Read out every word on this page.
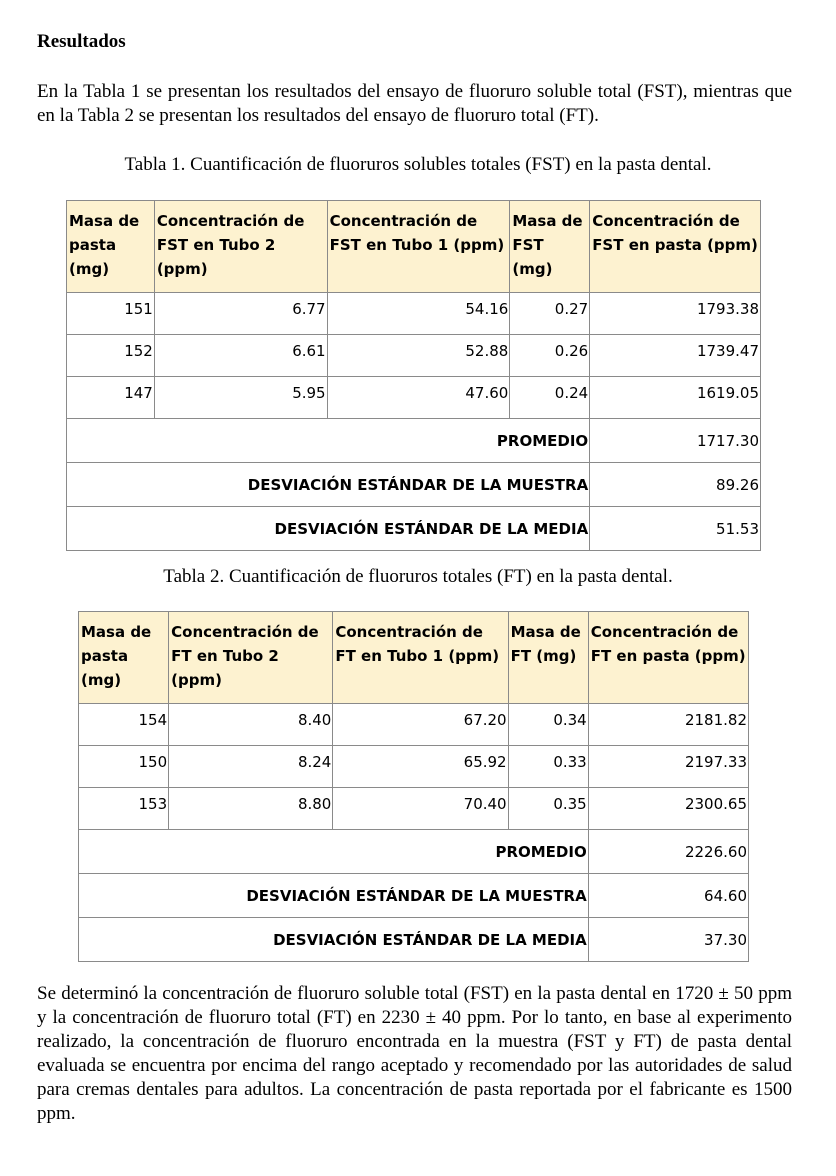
Resultados
En la Tabla 1 se presentan los resultados del ensayo de fluoruro soluble total (FST), mientras que en la Tabla 2 se presentan los resultados del ensayo de fluoruro total (FT).
Tabla 1. Cuantificación de fluoruros solubles totales (FST) en la pasta dental.
Masa de pasta (mg)	Concentración de FST en Tubo 2 (ppm)	Concentración de FST en Tubo 1 (ppm)	Masa de FST (mg)	Concentración de FST en pasta (ppm)
151	6.77	54.16	0.27	1793.38
152	6.61	52.88	0.26	1739.47
147	5.95	47.60	0.24	1619.05
PROMEDIO				1717.30
DESVIACIÓN ESTÁNDAR DE LA MUESTRA				89.26
DESVIACIÓN ESTÁNDAR DE LA MEDIA				51.53
Tabla 2. Cuantificación de fluoruros totales (FT) en la pasta dental.
Masa de pasta (mg)	Concentración de FT en Tubo 2 (ppm)	Concentración de FT en Tubo 1 (ppm)	Masa de FT (mg)	Concentración de FT en pasta (ppm)
154	8.40	67.20	0.34	2181.82
150	8.24	65.92	0.33	2197.33
153	8.80	70.40	0.35	2300.65
PROMEDIO				2226.60
DESVIACIÓN ESTÁNDAR DE LA MUESTRA				64.60
DESVIACIÓN ESTÁNDAR DE LA MEDIA				37.30
Se determinó la concentración de fluoruro soluble total (FST) en la pasta dental en 1720 ± 50 ppm y la concentración de fluoruro total (FT) en 2230 ± 40 ppm. Por lo tanto, en base al experimento realizado, la concentración de fluoruro encontrada en la muestra (FST y FT) de pasta dental evaluada se encuentra por encima del rango aceptado y recomendado por las autoridades de salud para cremas dentales para adultos. La concentración de pasta reportada por el fabricante es 1500 ppm.
